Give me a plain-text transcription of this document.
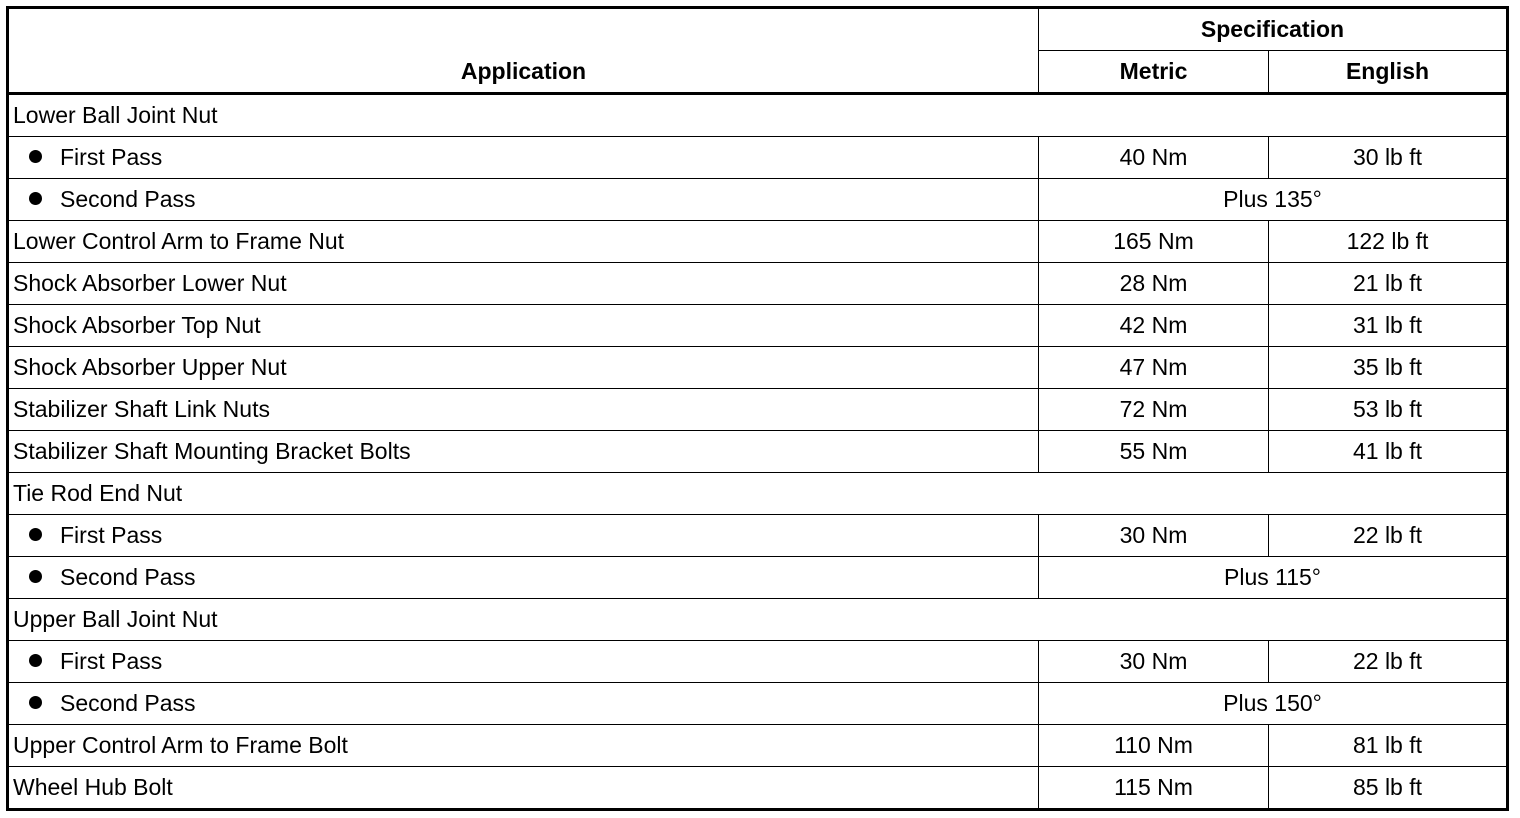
Application	Specification	
	Metric	English
Lower Ball Joint Nut		
First Pass	40 Nm	30 lb ft
Second Pass	Plus 135°	
Lower Control Arm to Frame Nut	165 Nm	122 lb ft
Shock Absorber Lower Nut	28 Nm	21 lb ft
Shock Absorber Top Nut	42 Nm	31 lb ft
Shock Absorber Upper Nut	47 Nm	35 lb ft
Stabilizer Shaft Link Nuts	72 Nm	53 lb ft
Stabilizer Shaft Mounting Bracket Bolts	55 Nm	41 lb ft
Tie Rod End Nut		
First Pass	30 Nm	22 lb ft
Second Pass	Plus 115°	
Upper Ball Joint Nut		
First Pass	30 Nm	22 lb ft
Second Pass	Plus 150°	
Upper Control Arm to Frame Bolt	110 Nm	81 lb ft
Wheel Hub Bolt	115 Nm	85 lb ft
